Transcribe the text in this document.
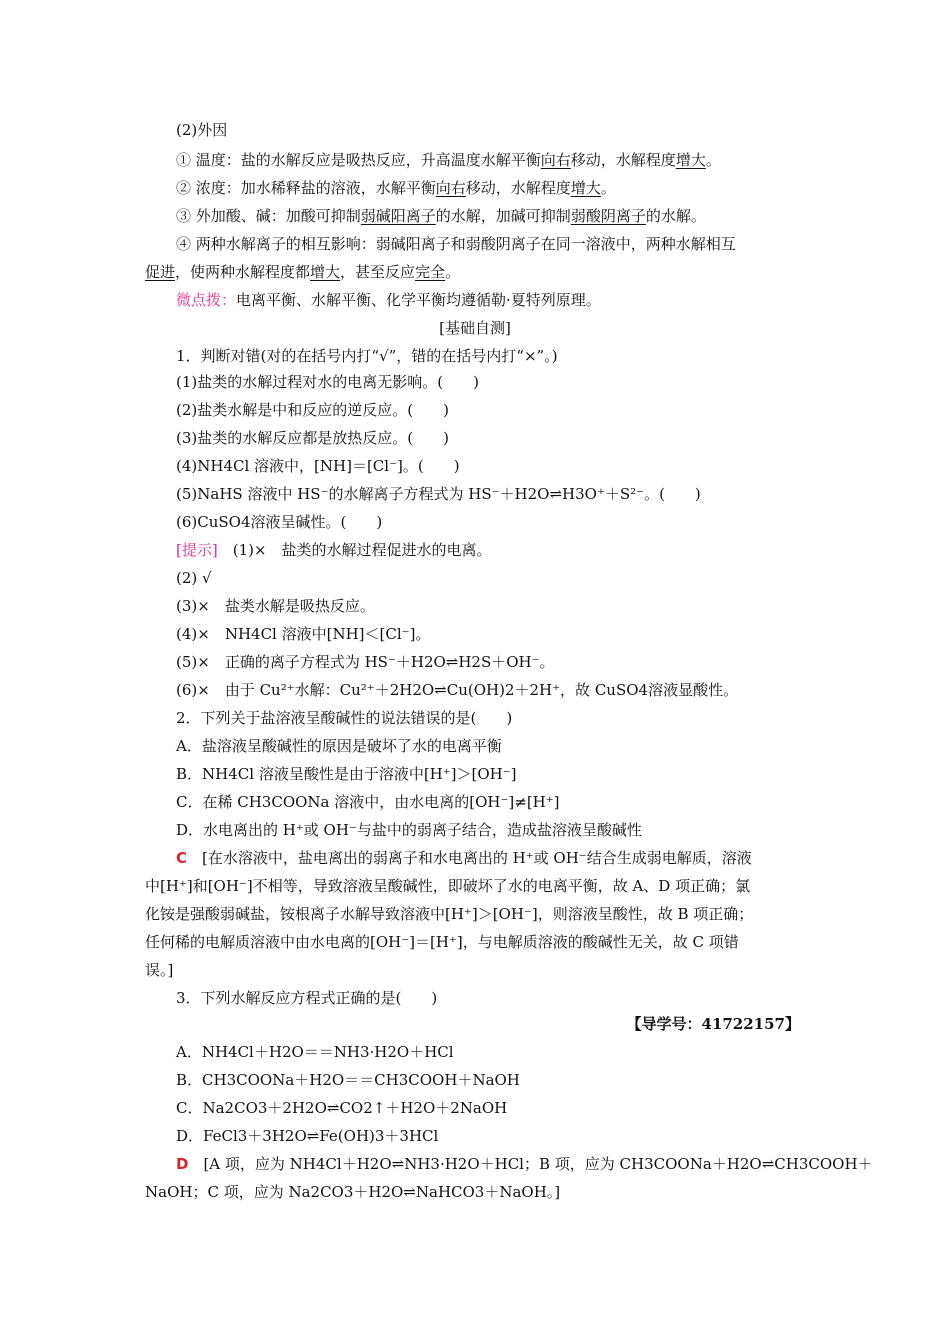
(2)外因
① 温度：盐的水解反应是吸热反应，升高温度水解平衡向右移动，水解程度增大。
② 浓度：加水稀释盐的溶液，水解平衡向右移动，水解程度增大。
③ 外加酸、碱：加酸可抑制弱碱阳离子的水解，加碱可抑制弱酸阴离子的水解。
④ 两种水解离子的相互影响：弱碱阳离子和弱酸阴离子在同一溶液中，两种水解相互
促进，使两种水解程度都增大，甚至反应完全。
微点拨：电离平衡、水解平衡、化学平衡均遵循勒·夏特列原理。
[基础自测]
1．判断对错(对的在括号内打“√”，错的在括号内打“×”。)
(1)盐类的水解过程对水的电离无影响。(　　)
(2)盐类水解是中和反应的逆反应。(　　)
(3)盐类的水解反应都是放热反应。(　　)
(4)NH4Cl 溶液中，[NH]＝[Cl⁻]。(　　)
(5)NaHS 溶液中 HS⁻的水解离子方程式为 HS⁻＋H2O⇌H3O⁺＋S²⁻。(　　)
(6)CuSO4溶液呈碱性。(　　)
[提示]　(1)×　盐类的水解过程促进水的电离。
(2) √
(3)×　盐类水解是吸热反应。
(4)×　NH4Cl 溶液中[NH]＜[Cl⁻]。
(5)×　正确的离子方程式为 HS⁻＋H2O⇌H2S＋OH⁻。
(6)×　由于 Cu²⁺水解：Cu²⁺＋2H2O⇌Cu(OH)2＋2H⁺，故 CuSO4溶液显酸性。
2．下列关于盐溶液呈酸碱性的说法错误的是(　　)
A．盐溶液呈酸碱性的原因是破坏了水的电离平衡
B．NH4Cl 溶液呈酸性是由于溶液中[H⁺]＞[OH⁻]
C．在稀 CH3COONa 溶液中，由水电离的[OH⁻]≠[H⁺]
D．水电离出的 H⁺或 OH⁻与盐中的弱离子结合，造成盐溶液呈酸碱性
C　[在水溶液中，盐电离出的弱离子和水电离出的 H⁺或 OH⁻结合生成弱电解质，溶液
中[H⁺]和[OH⁻]不相等，导致溶液呈酸碱性，即破坏了水的电离平衡，故 A、D 项正确；氯
化铵是强酸弱碱盐，铵根离子水解导致溶液中[H⁺]＞[OH⁻]，则溶液呈酸性，故 B 项正确；
任何稀的电解质溶液中由水电离的[OH⁻]＝[H⁺]，与电解质溶液的酸碱性无关，故 C 项错
误。]
3．下列水解反应方程式正确的是(　　)
【导学号：41722157】
A．NH4Cl＋H2O＝＝NH3·H2O＋HCl
B．CH3COONa＋H2O＝＝CH3COOH＋NaOH
C．Na2CO3＋2H2O⇌CO2↑＋H2O＋2NaOH
D．FeCl3＋3H2O⇌Fe(OH)3＋3HCl
D　[A 项，应为 NH4Cl＋H2O⇌NH3·H2O＋HCl；B 项，应为 CH3COONa＋H2O⇌CH3COOH＋
NaOH；C 项，应为 Na2CO3＋H2O⇌NaHCO3＋NaOH。]
